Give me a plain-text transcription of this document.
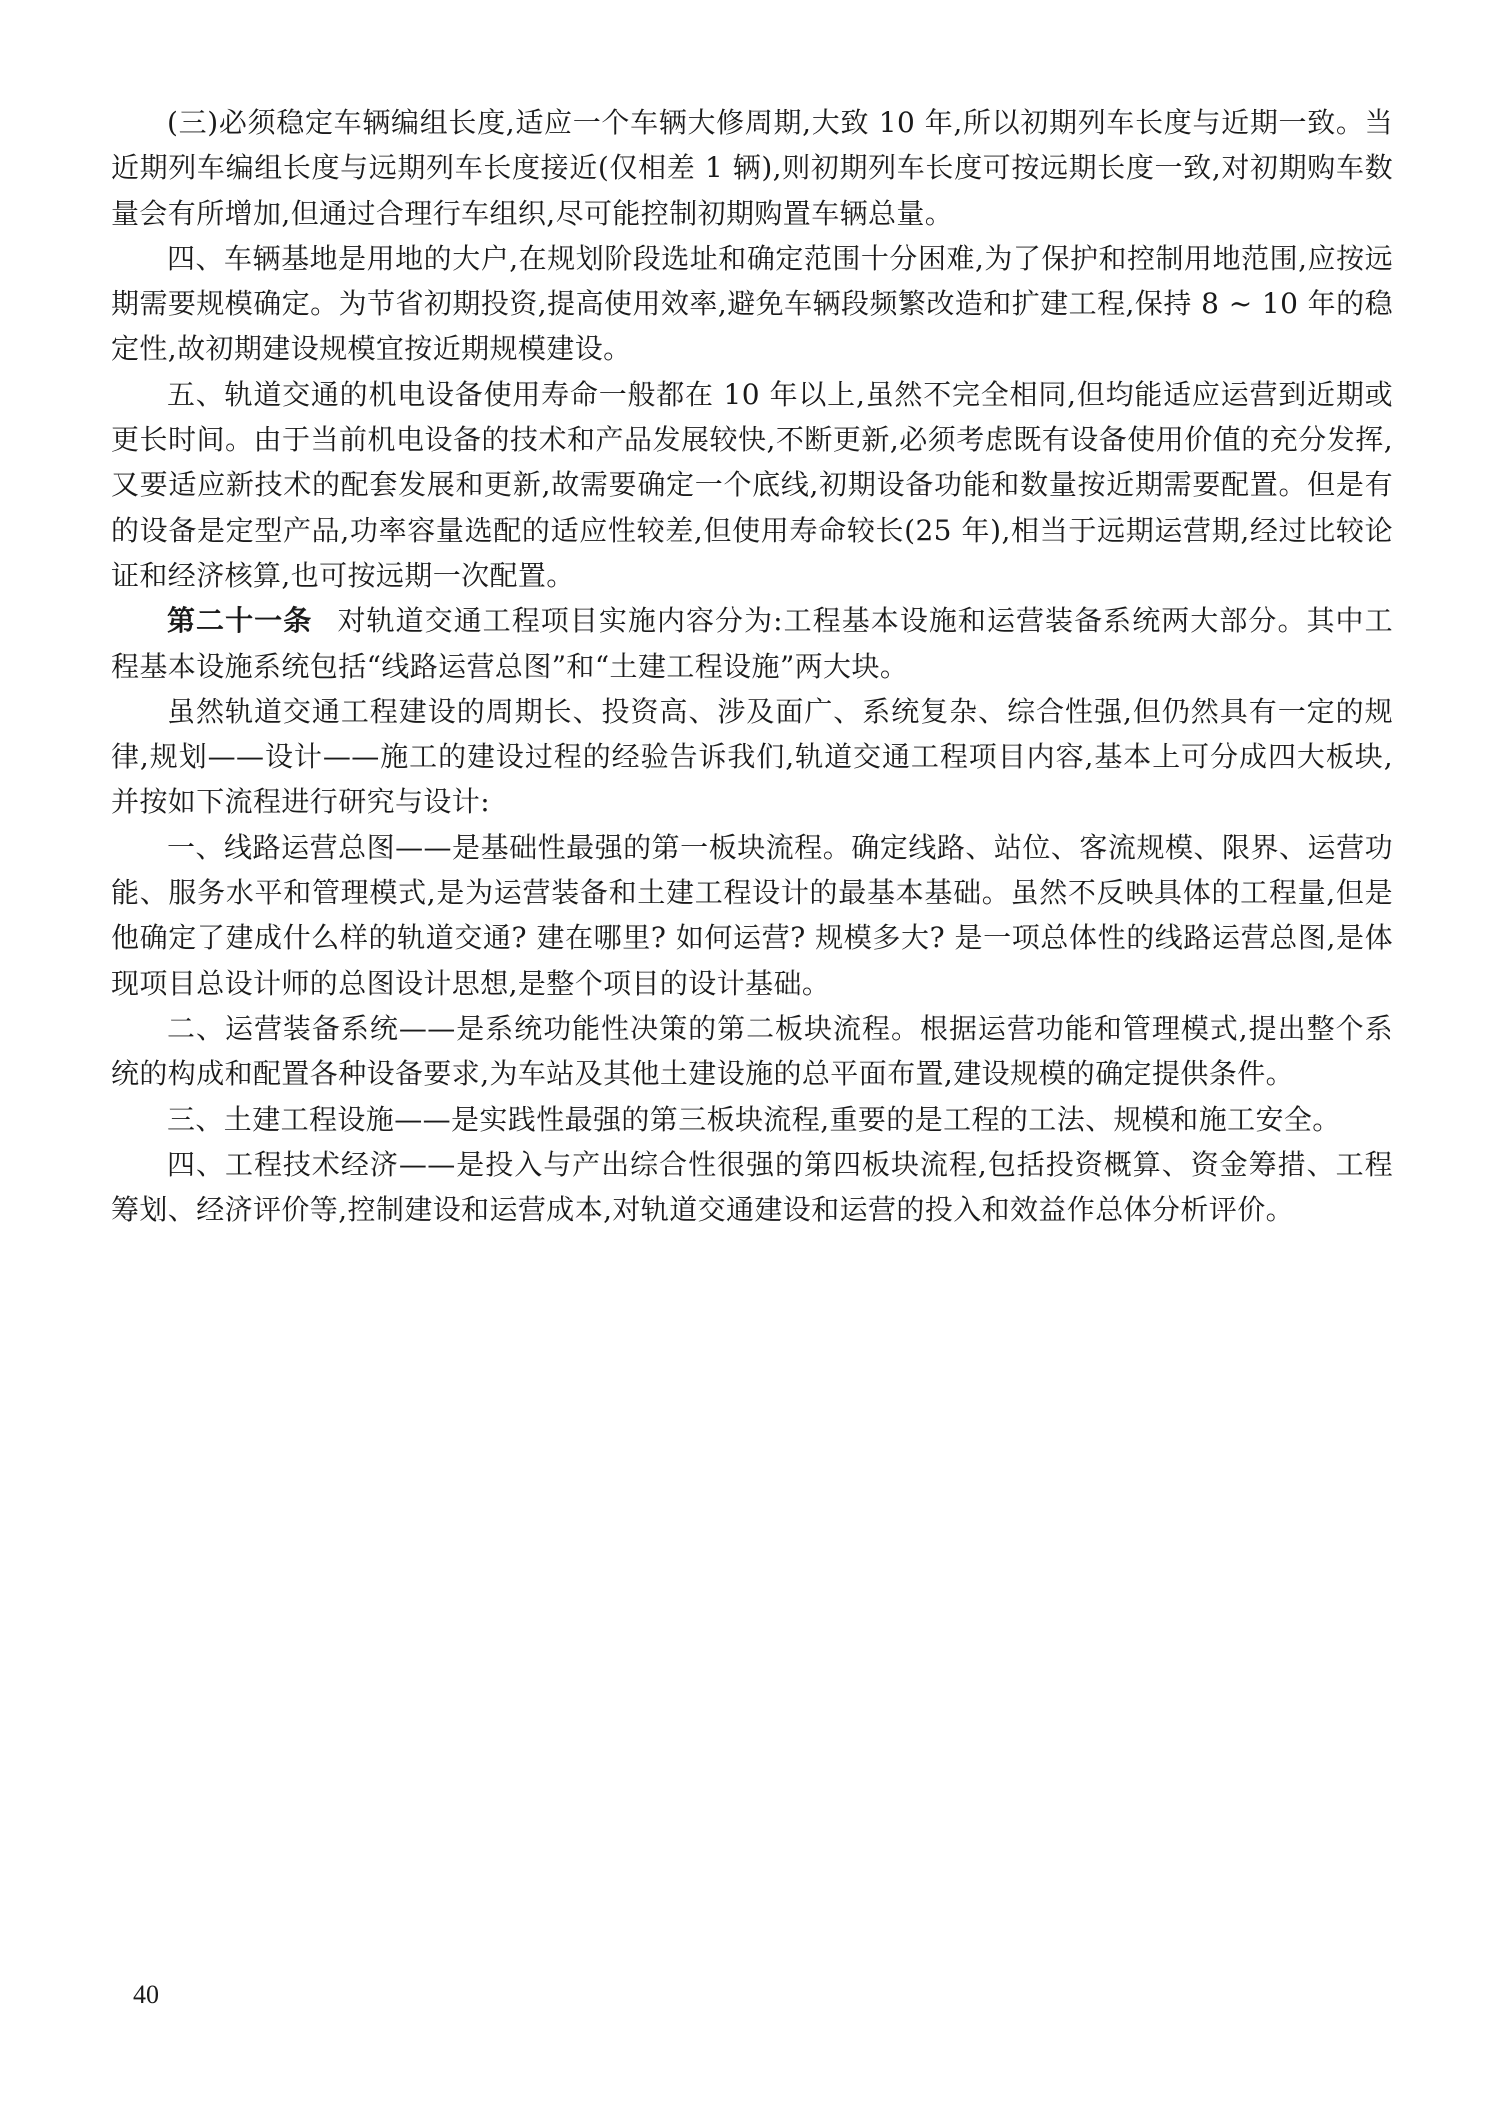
(三)必须稳定车辆编组长度,适应一个车辆大修周期,大致 10 年,所以初期列车长度与近期一致。当近期列车编组长度与远期列车长度接近(仅相差 1 辆),则初期列车长度可按远期长度一致,对初期购车数量会有所增加,但通过合理行车组织,尽可能控制初期购置车辆总量。

四、车辆基地是用地的大户,在规划阶段选址和确定范围十分困难,为了保护和控制用地范围,应按远期需要规模确定。为节省初期投资,提高使用效率,避免车辆段频繁改造和扩建工程,保持 8 ~ 10 年的稳定性,故初期建设规模宜按近期规模建设。

五、轨道交通的机电设备使用寿命一般都在 10 年以上,虽然不完全相同,但均能适应运营到近期或更长时间。由于当前机电设备的技术和产品发展较快,不断更新,必须考虑既有设备使用价值的充分发挥,又要适应新技术的配套发展和更新,故需要确定一个底线,初期设备功能和数量按近期需要配置。但是有的设备是定型产品,功率容量选配的适应性较差,但使用寿命较长(25 年),相当于远期运营期,经过比较论证和经济核算,也可按远期一次配置。

第二十一条 对轨道交通工程项目实施内容分为:工程基本设施和运营装备系统两大部分。其中工程基本设施系统包括“线路运营总图”和“土建工程设施”两大块。

虽然轨道交通工程建设的周期长、投资高、涉及面广、系统复杂、综合性强,但仍然具有一定的规律,规划——设计——施工的建设过程的经验告诉我们,轨道交通工程项目内容,基本上可分成四大板块,并按如下流程进行研究与设计:

一、线路运营总图——是基础性最强的第一板块流程。确定线路、站位、客流规模、限界、运营功能、服务水平和管理模式,是为运营装备和土建工程设计的最基本基础。虽然不反映具体的工程量,但是他确定了建成什么样的轨道交通? 建在哪里? 如何运营? 规模多大? 是一项总体性的线路运营总图,是体现项目总设计师的总图设计思想,是整个项目的设计基础。

二、运营装备系统——是系统功能性决策的第二板块流程。根据运营功能和管理模式,提出整个系统的构成和配置各种设备要求,为车站及其他土建设施的总平面布置,建设规模的确定提供条件。

三、土建工程设施——是实践性最强的第三板块流程,重要的是工程的工法、规模和施工安全。

四、工程技术经济——是投入与产出综合性很强的第四板块流程,包括投资概算、资金筹措、工程筹划、经济评价等,控制建设和运营成本,对轨道交通建设和运营的投入和效益作总体分析评价。

40
